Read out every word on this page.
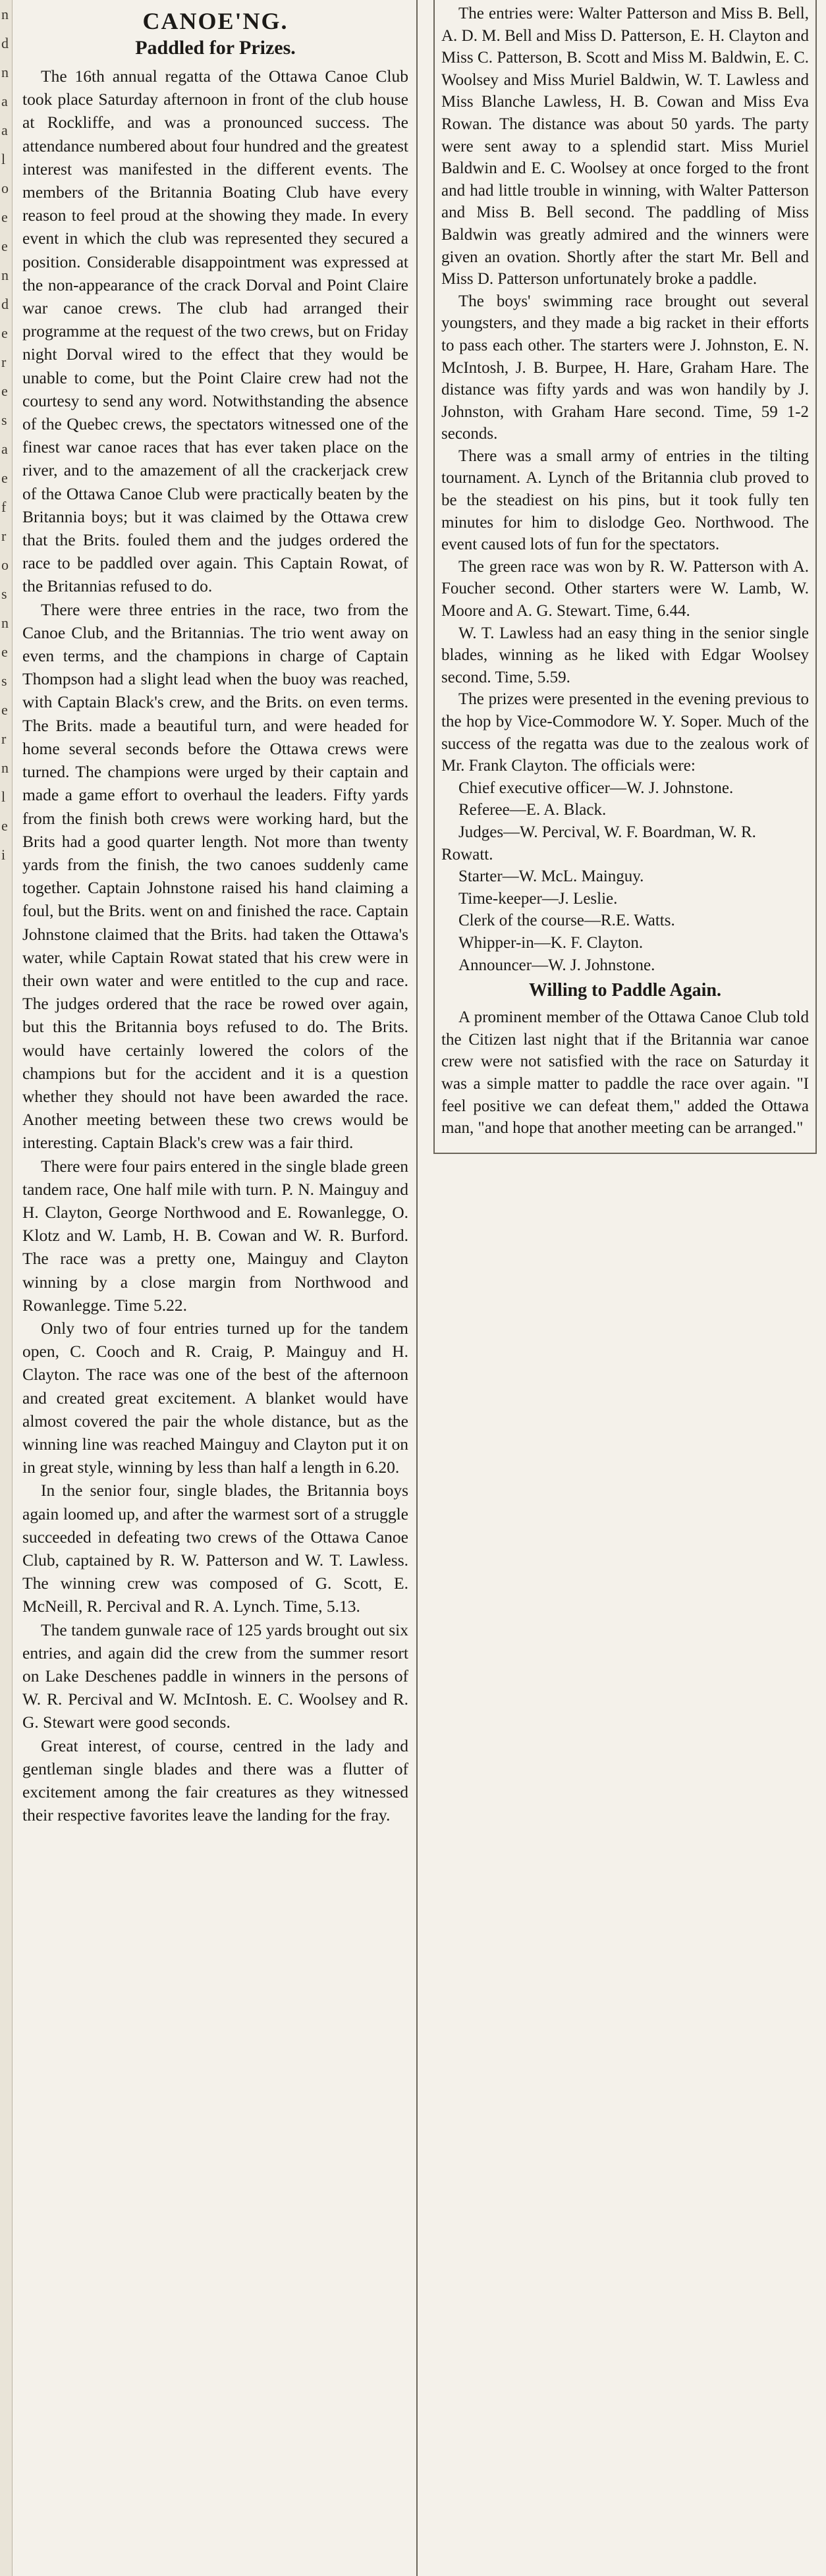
n
d
n
a
a
l
o
e
e
n
d
e
r
e
s
a
e
f
r
o
s
n
e
s
e
r
n
l
e
i
CANOE'NG.
Paddled for Prizes.

The 16th annual regatta of the Ottawa Canoe Club took place Saturday afternoon in front of the club house at Rockliffe, and was a pronounced success. The attendance numbered about four hundred and the greatest interest was manifested in the different events. The members of the Britannia Boating Club have every reason to feel proud at the showing they made. In every event in which the club was represented they secured a position. Considerable disappointment was expressed at the non-appearance of the crack Dorval and Point Claire war canoe crews. The club had arranged their programme at the request of the two crews, but on Friday night Dorval wired to the effect that they would be unable to come, but the Point Claire crew had not the courtesy to send any word. Notwithstanding the absence of the Quebec crews, the spectators witnessed one of the finest war canoe races that has ever taken place on the river, and to the amazement of all the crackerjack crew of the Ottawa Canoe Club were practically beaten by the Britannia boys; but it was claimed by the Ottawa crew that the Brits. fouled them and the judges ordered the race to be paddled over again. This Captain Rowat, of the Britannias refused to do.

There were three entries in the race, two from the Canoe Club, and the Britannias. The trio went away on even terms, and the champions in charge of Captain Thompson had a slight lead when the buoy was reached, with Captain Black's crew, and the Brits. on even terms. The Brits. made a beautiful turn, and were headed for home several seconds before the Ottawa crews were turned. The champions were urged by their captain and made a game effort to overhaul the leaders. Fifty yards from the finish both crews were working hard, but the Brits had a good quarter length. Not more than twenty yards from the finish, the two canoes suddenly came together. Captain Johnstone raised his hand claiming a foul, but the Brits. went on and finished the race. Captain Johnstone claimed that the Brits. had taken the Ottawa's water, while Captain Rowat stated that his crew were in their own water and were entitled to the cup and race. The judges ordered that the race be rowed over again, but this the Britannia boys refused to do. The Brits. would have certainly lowered the colors of the champions but for the accident and it is a question whether they should not have been awarded the race. Another meeting between these two crews would be interesting. Captain Black's crew was a fair third.

There were four pairs entered in the single blade green tandem race, One half mile with turn. P. N. Mainguy and H. Clayton, George Northwood and E. Rowanlegge, O. Klotz and W. Lamb, H. B. Cowan and W. R. Burford. The race was a pretty one, Mainguy and Clayton winning by a close margin from Northwood and Rowanlegge. Time 5.22.

Only two of four entries turned up for the tandem open, C. Cooch and R. Craig, P. Mainguy and H. Clayton. The race was one of the best of the afternoon and created great excitement. A blanket would have almost covered the pair the whole distance, but as the winning line was reached Mainguy and Clayton put it on in great style, winning by less than half a length in 6.20.

In the senior four, single blades, the Britannia boys again loomed up, and after the warmest sort of a struggle succeeded in defeating two crews of the Ottawa Canoe Club, captained by R. W. Patterson and W. T. Lawless. The winning crew was composed of G. Scott, E. McNeill, R. Percival and R. A. Lynch. Time, 5.13.

The tandem gunwale race of 125 yards brought out six entries, and again did the crew from the summer resort on Lake Deschenes paddle in winners in the persons of W. R. Percival and W. McIntosh. E. C. Woolsey and R. G. Stewart were good seconds.

Great interest, of course, centred in the lady and gentleman single blades and there was a flutter of excitement among the fair creatures as they witnessed their respective favorites leave the landing for the fray.

The entries were: Walter Patterson and Miss B. Bell, A. D. M. Bell and Miss D. Patterson, E. H. Clayton and Miss C. Patterson, B. Scott and Miss M. Baldwin, E. C. Woolsey and Miss Muriel Baldwin, W. T. Lawless and Miss Blanche Lawless, H. B. Cowan and Miss Eva Rowan. The distance was about 50 yards. The party were sent away to a splendid start. Miss Muriel Baldwin and E. C. Woolsey at once forged to the front and had little trouble in winning, with Walter Patterson and Miss B. Bell second. The paddling of Miss Baldwin was greatly admired and the winners were given an ovation. Shortly after the start Mr. Bell and Miss D. Patterson unfortunately broke a paddle.

The boys' swimming race brought out several youngsters, and they made a big racket in their efforts to pass each other. The starters were J. Johnston, E. N. McIntosh, J. B. Burpee, H. Hare, Graham Hare. The distance was fifty yards and was won handily by J. Johnston, with Graham Hare second. Time, 59 1-2 seconds.

There was a small army of entries in the tilting tournament. A. Lynch of the Britannia club proved to be the steadiest on his pins, but it took fully ten minutes for him to dislodge Geo. Northwood. The event caused lots of fun for the spectators.

The green race was won by R. W. Patterson with A. Foucher second. Other starters were W. Lamb, W. Moore and A. G. Stewart. Time, 6.44.

W. T. Lawless had an easy thing in the senior single blades, winning as he liked with Edgar Woolsey second. Time, 5.59.

The prizes were presented in the evening previous to the hop by Vice-Commodore W. Y. Soper. Much of the success of the regatta was due to the zealous work of Mr. Frank Clayton. The officials were:

Chief executive officer—W. J. Johnstone.

Referee—E. A. Black.

Judges—W. Percival, W. F. Boardman, W. R. Rowatt.

Starter—W. McL. Mainguy.

Time-keeper—J. Leslie.

Clerk of the course—R.E. Watts.

Whipper-in—K. F. Clayton.

Announcer—W. J. Johnstone.

Willing to Paddle Again.

A prominent member of the Ottawa Canoe Club told the Citizen last night that if the Britannia war canoe crew were not satisfied with the race on Saturday it was a simple matter to paddle the race over again. "I feel positive we can defeat them," added the Ottawa man, "and hope that another meeting can be arranged."
